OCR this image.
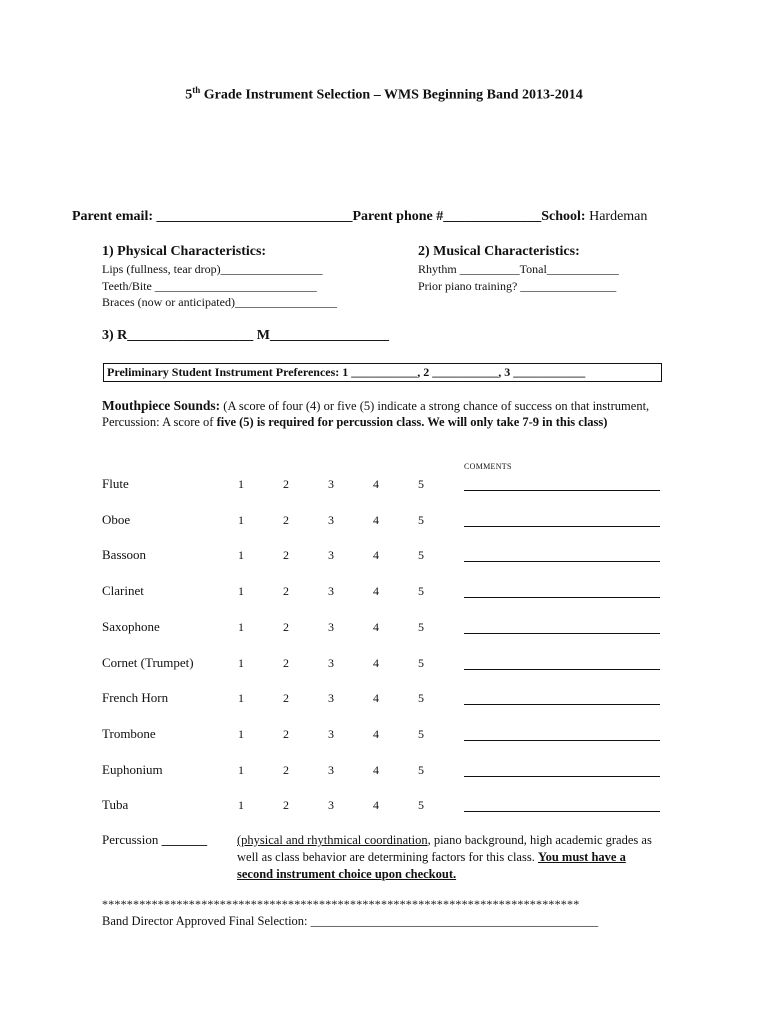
5th Grade Instrument Selection – WMS Beginning Band 2013-2014
Parent email: ____________________________Parent phone #______________School: Hardeman
1) Physical Characteristics:
Lips (fullness, tear drop)_________________
Teeth/Bite ___________________________
Braces (now or anticipated)_________________
2) Musical Characteristics:
Rhythm __________Tonal____________
Prior piano training? ________________
3) R__________________ M_________________
Preliminary Student Instrument Preferences: 1 ___________, 2 ___________, 3 ____________
Mouthpiece Sounds: (A score of four (4) or five (5) indicate a strong chance of success on that instrument, Percussion: A score of five (5) is required for percussion class. We will only take 7-9 in this class)
COMMENTS
Flute	1	2	3	4	5
Oboe	1	2	3	4	5
Bassoon	1	2	3	4	5
Clarinet	1	2	3	4	5
Saxophone	1	2	3	4	5
Cornet (Trumpet)	1	2	3	4	5
French Horn	1	2	3	4	5
Trombone	1	2	3	4	5
Euphonium	1	2	3	4	5
Tuba	1	2	3	4	5
Percussion _______ (physical and rhythmical coordination, piano background, high academic grades as well as class behavior are determining factors for this class. You must have a second instrument choice upon checkout.
*****************************************************************************
Band Director Approved Final Selection: ______________________________________________
